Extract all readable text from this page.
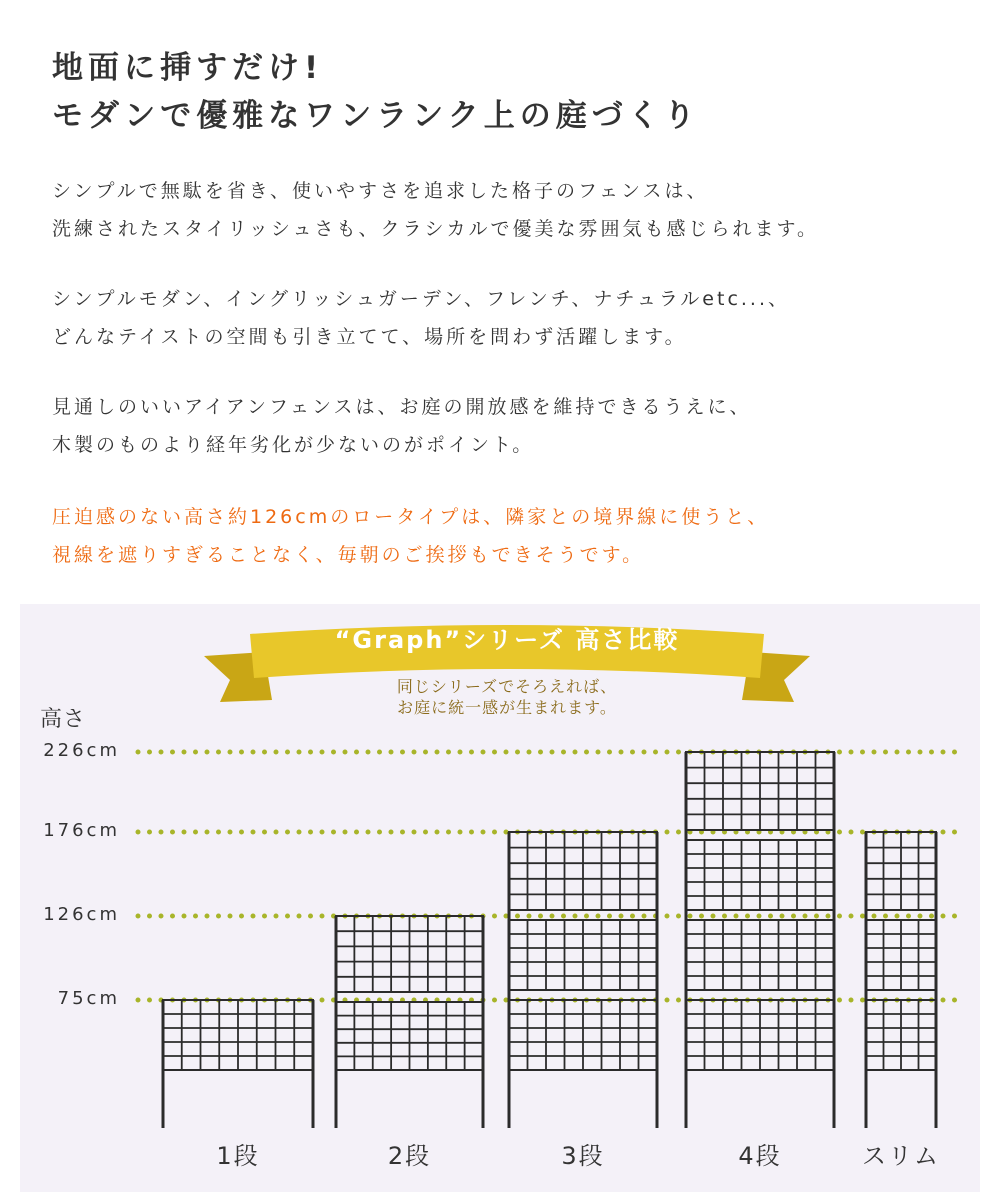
地面に挿すだけ!
モダンで優雅なワンランク上の庭づくり
シンプルで無駄を省き、使いやすさを追求した格子のフェンスは、
洗練されたスタイリッシュさも、クラシカルで優美な雰囲気も感じられます。
シンプルモダン、イングリッシュガーデン、フレンチ、ナチュラルetc...、
どんなテイストの空間も引き立てて、場所を問わず活躍します。
見通しのいいアイアンフェンスは、お庭の開放感を維持できるうえに、
木製のものより経年劣化が少ないのがポイント。
圧迫感のない高さ約126cmのロータイプは、隣家との境界線に使うと、
視線を遮りすぎることなく、毎朝のご挨拶もできそうです。
“Graph”シリーズ 高さ比較
同じシリーズでそろえれば、
お庭に統一感が生まれます。
高さ
226cm
176cm
126cm
75cm
1段	2段	3段	4段	スリム
